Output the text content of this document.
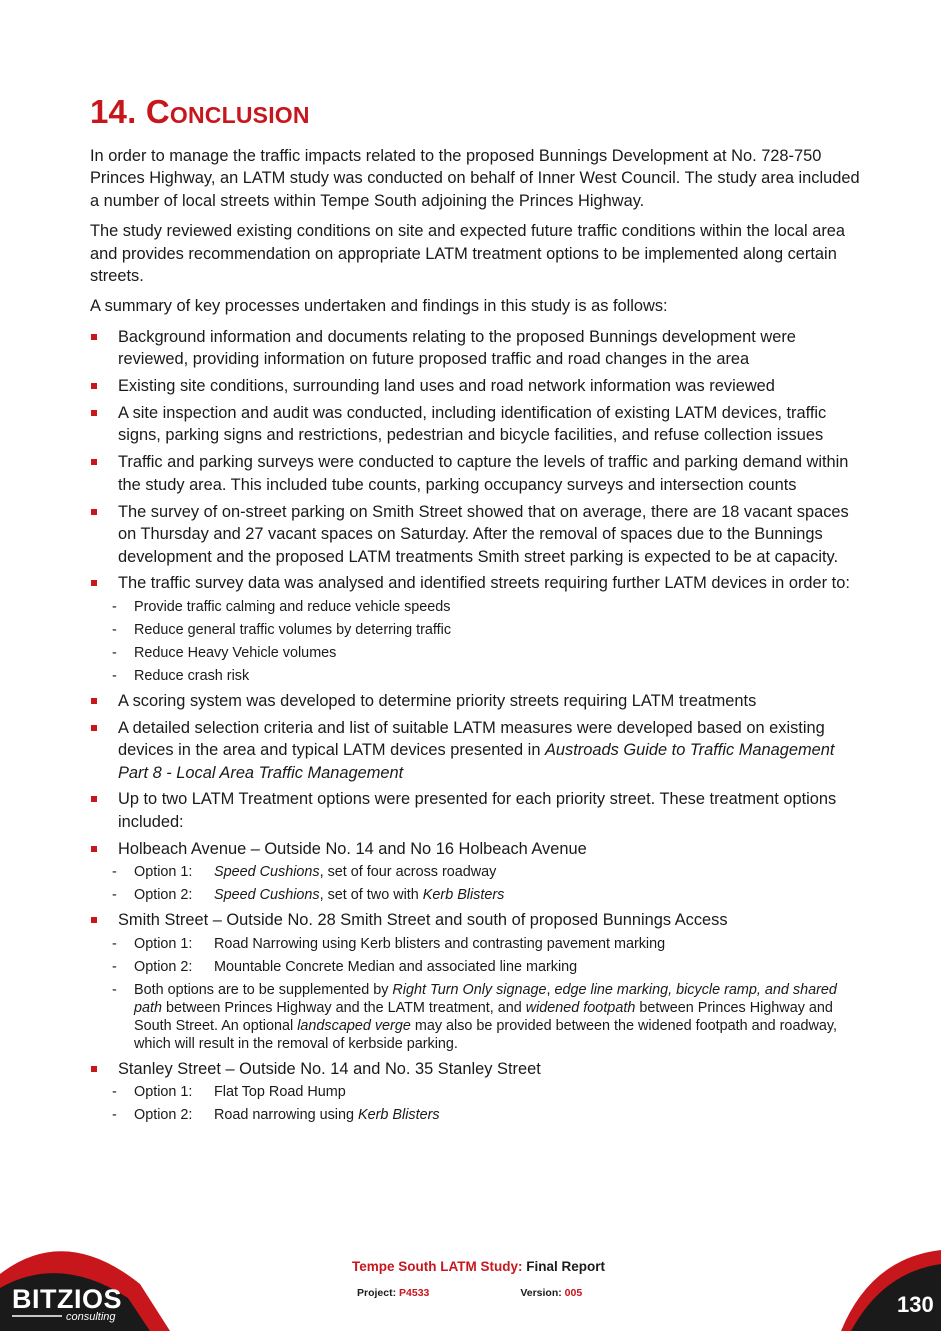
14. Conclusion

In order to manage the traffic impacts related to the proposed Bunnings Development at No. 728-750 Princes Highway, an LATM study was conducted on behalf of Inner West Council. The study area included a number of local streets within Tempe South adjoining the Princes Highway.

The study reviewed existing conditions on site and expected future traffic conditions within the local area and provides recommendation on appropriate LATM treatment options to be implemented along certain streets.

A summary of key processes undertaken and findings in this study is as follows:

Background information and documents relating to the proposed Bunnings development were reviewed, providing information on future proposed traffic and road changes in the area
Existing site conditions, surrounding land uses and road network information was reviewed
A site inspection and audit was conducted, including identification of existing LATM devices, traffic signs, parking signs and restrictions, pedestrian and bicycle facilities, and refuse collection issues
Traffic and parking surveys were conducted to capture the levels of traffic and parking demand within the study area. This included tube counts, parking occupancy surveys and intersection counts
The survey of on-street parking on Smith Street showed that on average, there are 18 vacant spaces on Thursday and 27 vacant spaces on Saturday. After the removal of spaces due to the Bunnings development and the proposed LATM treatments Smith street parking is expected to be at capacity.
The traffic survey data was analysed and identified streets requiring further LATM devices in order to:
- Provide traffic calming and reduce vehicle speeds
- Reduce general traffic volumes by deterring traffic
- Reduce Heavy Vehicle volumes
- Reduce crash risk
A scoring system was developed to determine priority streets requiring LATM treatments
A detailed selection criteria and list of suitable LATM measures were developed based on existing devices in the area and typical LATM devices presented in Austroads Guide to Traffic Management Part 8 - Local Area Traffic Management
Up to two LATM Treatment options were presented for each priority street. These treatment options included:
Holbeach Avenue – Outside No. 14 and No 16 Holbeach Avenue
- Option 1: Speed Cushions, set of four across roadway
- Option 2: Speed Cushions, set of two with Kerb Blisters
Smith Street – Outside No. 28 Smith Street and south of proposed Bunnings Access
- Option 1: Road Narrowing using Kerb blisters and contrasting pavement marking
- Option 2: Mountable Concrete Median and associated line marking
- Both options are to be supplemented by Right Turn Only signage, edge line marking, bicycle ramp, and shared path between Princes Highway and the LATM treatment, and widened footpath between Princes Highway and South Street. An optional landscaped verge may also be provided between the widened footpath and roadway, which will result in the removal of kerbside parking.
Stanley Street – Outside No. 14 and No. 35 Stanley Street
- Option 1: Flat Top Road Hump
- Option 2: Road narrowing using Kerb Blisters
BITZIOS
consulting
Tempe South LATM Study: Final Report
Project: P4533	Version: 005	130
